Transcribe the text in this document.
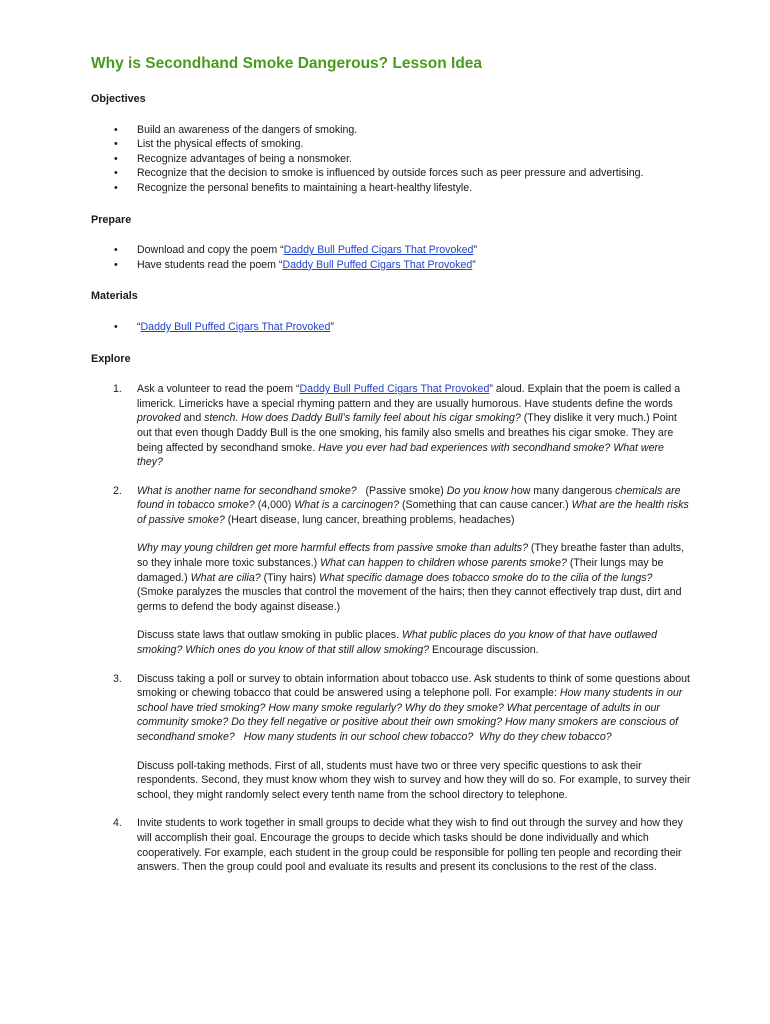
Why is Secondhand Smoke Dangerous? Lesson Idea
Objectives
• Build an awareness of the dangers of smoking.
• List the physical effects of smoking.
• Recognize advantages of being a nonsmoker.
• Recognize that the decision to smoke is influenced by outside forces such as peer pressure and advertising.
• Recognize the personal benefits to maintaining a heart-healthy lifestyle.
Prepare
• Download and copy the poem “Daddy Bull Puffed Cigars That Provoked”
• Have students read the poem “Daddy Bull Puffed Cigars That Provoked”
Materials
• “Daddy Bull Puffed Cigars That Provoked”
Explore
1. Ask a volunteer to read the poem “Daddy Bull Puffed Cigars That Provoked” aloud. Explain that the poem is called a limerick. Limericks have a special rhyming pattern and they are usually humorous. Have students define the words provoked and stench. How does Daddy Bull’s family feel about his cigar smoking? (They dislike it very much.) Point out that even though Daddy Bull is the one smoking, his family also smells and breathes his cigar smoke. They are being affected by secondhand smoke. Have you ever had bad experiences with secondhand smoke? What were they?

2. What is another name for secondhand smoke?   (Passive smoke) Do you know how many dangerous chemicals are found in tobacco smoke? (4,000) What is a carcinogen? (Something that can cause cancer.) What are the health risks of passive smoke? (Heart disease, lung cancer, breathing problems, headaches)

Why may young children get more harmful effects from passive smoke than adults? (They breathe faster than adults, so they inhale more toxic substances.) What can happen to children whose parents smoke? (Their lungs may be damaged.) What are cilia? (Tiny hairs) What specific damage does tobacco smoke do to the cilia of the lungs? (Smoke paralyzes the muscles that control the movement of the hairs; then they cannot effectively trap dust, dirt and germs to defend the body against disease.)

Discuss state laws that outlaw smoking in public places. What public places do you know of that have outlawed smoking? Which ones do you know of that still allow smoking? Encourage discussion.

3. Discuss taking a poll or survey to obtain information about tobacco use. Ask students to think of some questions about smoking or chewing tobacco that could be answered using a telephone poll. For example: How many students in our school have tried smoking? How many smoke regularly? Why do they smoke? What percentage of adults in our community smoke? Do they fell negative or positive about their own smoking? How many smokers are conscious of secondhand smoke?   How many students in our school chew tobacco?  Why do they chew tobacco?

Discuss poll-taking methods. First of all, students must have two or three very specific questions to ask their respondents. Second, they must know whom they wish to survey and how they will do so. For example, to survey their school, they might randomly select every tenth name from the school directory to telephone.

4. Invite students to work together in small groups to decide what they wish to find out through the survey and how they will accomplish their goal. Encourage the groups to decide which tasks should be done individually and which cooperatively. For example, each student in the group could be responsible for polling ten people and recording their answers. Then the group could pool and evaluate its results and present its conclusions to the rest of the class.
